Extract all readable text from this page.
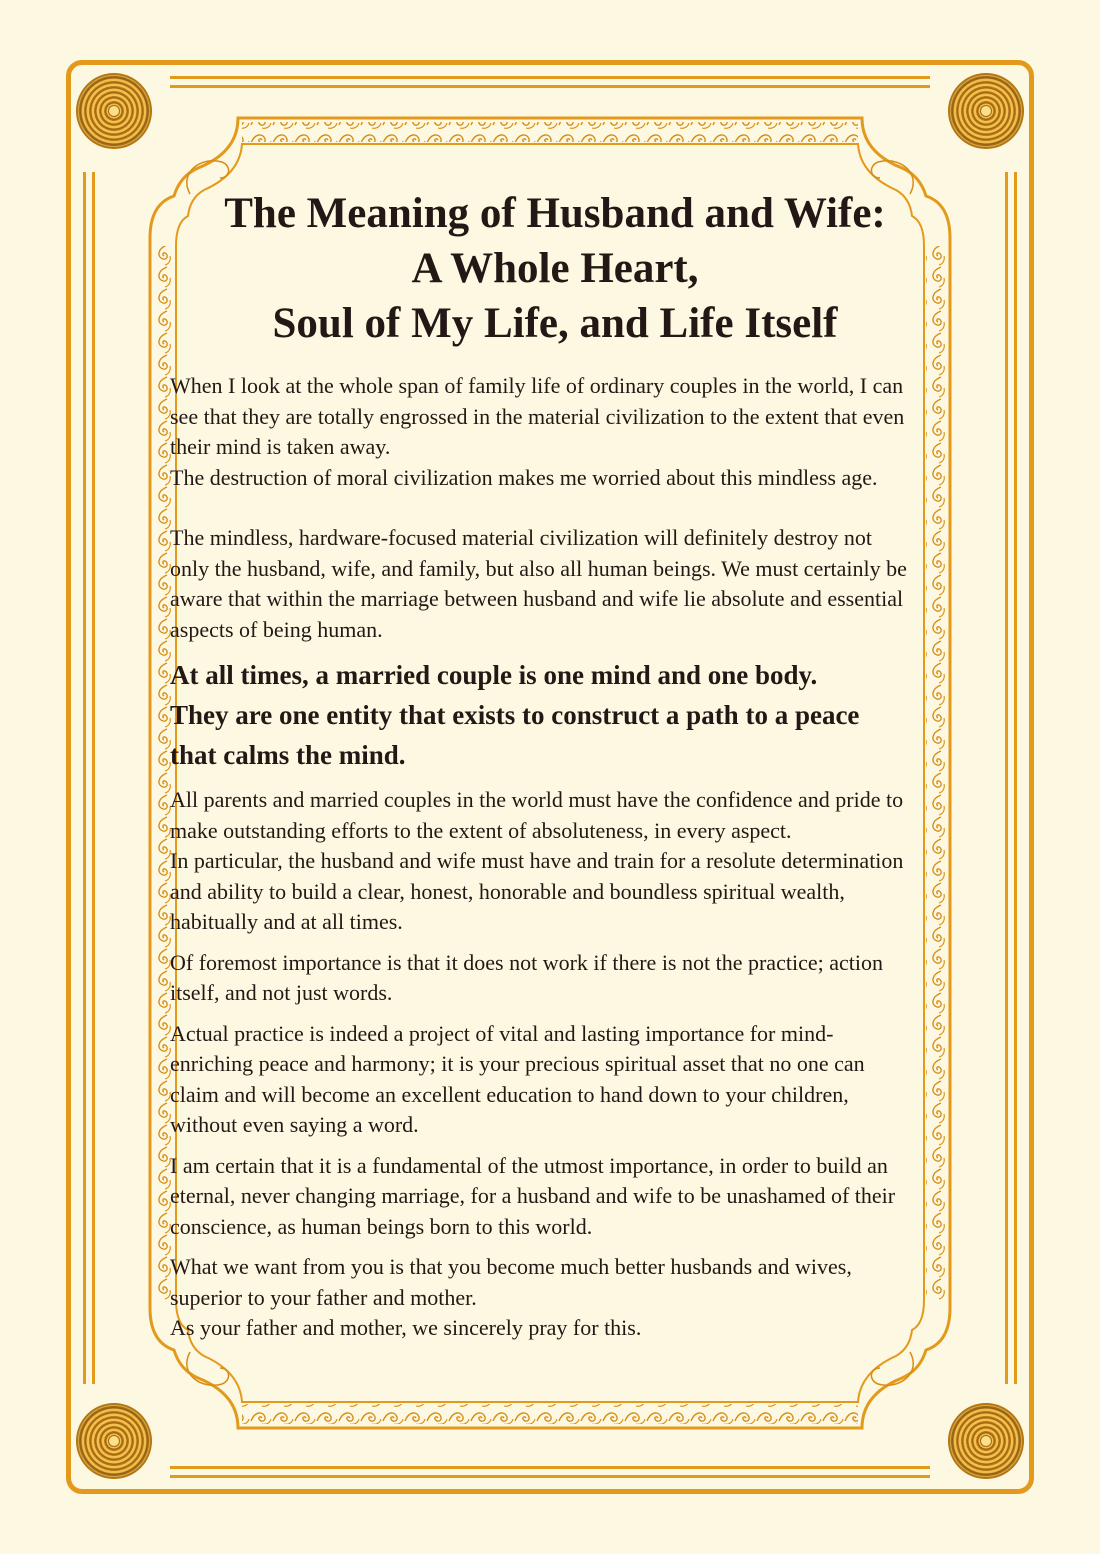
The Meaning of Husband and Wife:
A Whole Heart,
Soul of My Life, and Life Itself

When I look at the whole span of family life of ordinary couples in the world, I can
see that they are totally engrossed in the material civilization to the extent that even
their mind is taken away.
The destruction of moral civilization makes me worried about this mindless age.

The mindless, hardware-focused material civilization will definitely destroy not
only the husband, wife, and family, but also all human beings. We must certainly be
aware that within the marriage between husband and wife lie absolute and essential
aspects of being human.

At all times, a married couple is one mind and one body.
They are one entity that exists to construct a path to a peace
that calms the mind.

All parents and married couples in the world must have the confidence and pride to
make outstanding efforts to the extent of absoluteness, in every aspect.
In particular, the husband and wife must have and train for a resolute determination
and ability to build a clear, honest, honorable and boundless spiritual wealth,
habitually and at all times.

Of foremost importance is that it does not work if there is not the practice; action
itself, and not just words.

Actual practice is indeed a project of vital and lasting importance for mind-
enriching peace and harmony; it is your precious spiritual asset that no one can
claim and will become an excellent education to hand down to your children,
without even saying a word.

I am certain that it is a fundamental of the utmost importance, in order to build an
eternal, never changing marriage, for a husband and wife to be unashamed of their
conscience, as human beings born to this world.

What we want from you is that you become much better husbands and wives,
superior to your father and mother.
As your father and mother, we sincerely pray for this.
